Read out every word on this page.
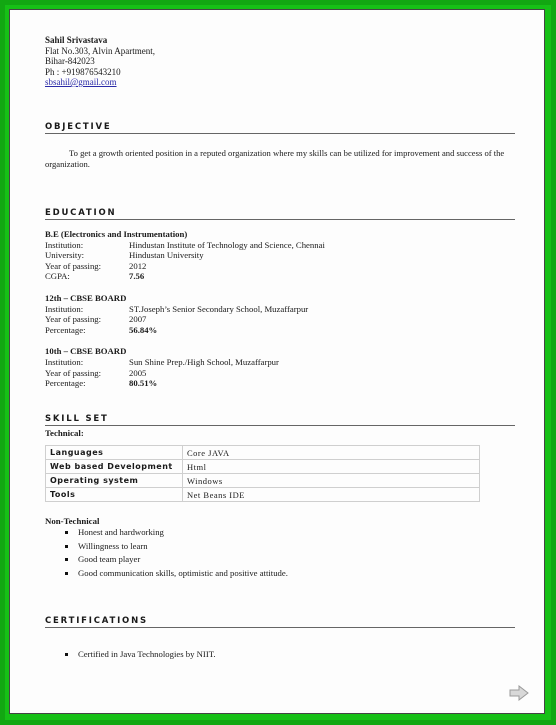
Sahil Srivastava
Flat No.303, Alvin Apartment,
Bihar-842023
Ph : +919876543210
sbsahil@gmail.com
OBJECTIVE
To get a growth oriented position in a reputed organization where my skills can be utilized for improvement and success of the organization.
EDUCATION
B.E (Electronics and Instrumentation)
Institution:	Hindustan Institute of Technology and Science, Chennai
University:	Hindustan University
Year of passing:	2012
CGPA:	7.56
12th – CBSE BOARD
Institution:	ST.Joseph’s Senior Secondary School, Muzaffarpur
Year of passing:	2007
Percentage:	56.84%
10th – CBSE BOARD
Institution:	Sun Shine Prep./High School, Muzaffarpur
Year of passing:	2005
Percentage:	80.51%
SKILL SET
Technical:
Languages	Core JAVA
Web based Development	Html
Operating system	Windows
Tools	Net Beans IDE
Non-Technical
Honest and hardworking
Willingness to learn
Good team player
Good communication skills, optimistic and positive attitude.
CERTIFICATIONS
Certified in Java Technologies by NIIT.
